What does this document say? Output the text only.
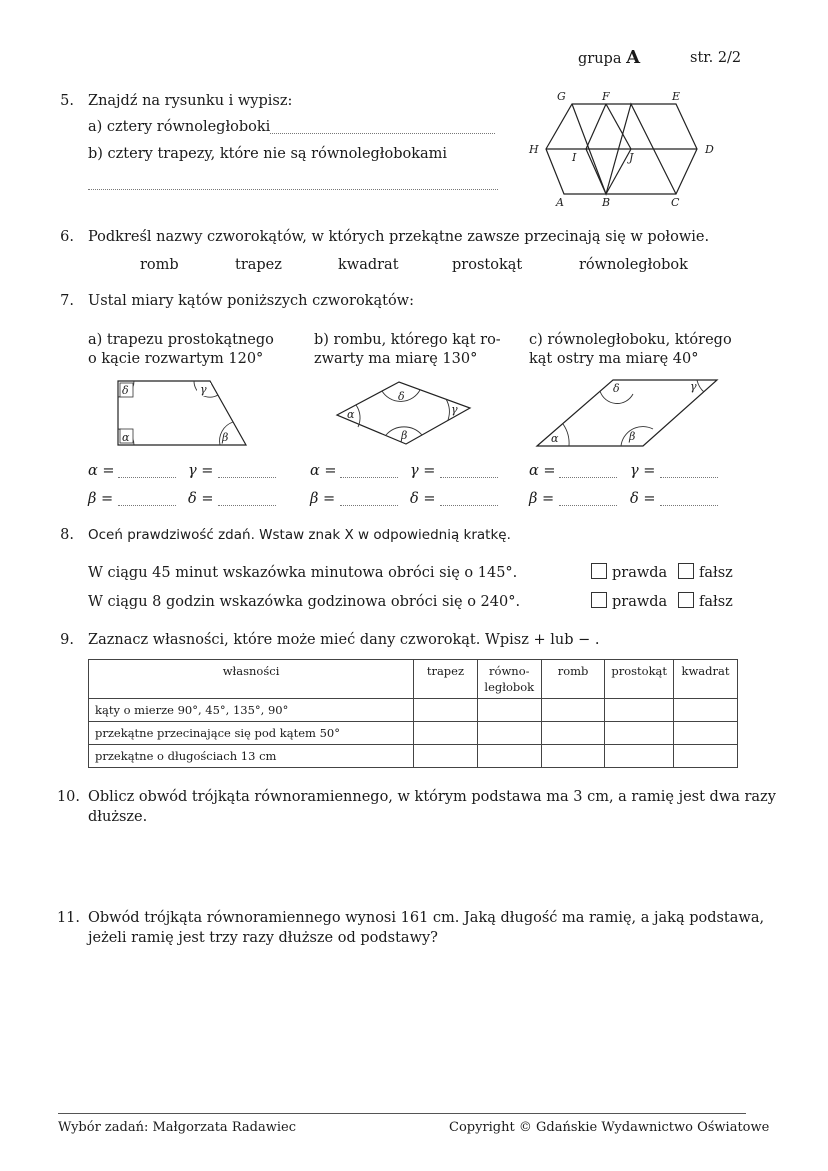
grupa A	str. 2/2
5. Znajdź na rysunku i wypisz:
a) cztery równoległoboki
b) cztery trapezy, które nie są równoległobokami
G	F	E
H
I	J
D
A	B	C
6. Podkreśl nazwy czworokątów, w których przekątne zawsze przecinają się w połowie.
romb	trapez	kwadrat	prostokąt	równoległobok
7. Ustal miary kątów poniższych czworokątów:
a) trapezu prostokątnego
o kącie rozwartym 120°
b) rombu, którego kąt ro-
zwarty ma miarę 130°
c) równoległoboku, którego
kąt ostry ma miarę 40°
δ	γ
α	β
α
δ
γ
β	α
δ	γ
β
α =	γ =
β =	δ =
α =	γ =
β =	δ =
α =	γ =
β =	δ =
8. Oceń prawdziwość zdań. Wstaw znak X w odpowiednią kratkę.
W ciągu 45 minut wskazówka minutowa obróci się o 145°.	prawda	fałsz
W ciągu 8 godzin wskazówka godzinowa obróci się o 240°.	prawda	fałsz
9. Zaznacz własności, które może mieć dany czworokąt. Wpisz + lub − .
własności	trapez	równo-
ległobok	romb	prostokąt	kwadrat
kąty o mierze 90°, 45°, 135°, 90°					
przekątne przecinające się pod kątem 50°					
przekątne o długościach 13 cm					
10. Oblicz obwód trójkąta równoramiennego, w którym podstawa ma 3 cm, a ramię jest dwa razy
dłuższe.
11. Obwód trójkąta równoramiennego wynosi 161 cm. Jaką długość ma ramię, a jaką podstawa,
jeżeli ramię jest trzy razy dłuższe od podstawy?
Wybór zadań: Małgorzata Radawiec	Copyright © Gdańskie Wydawnictwo Oświatowe
